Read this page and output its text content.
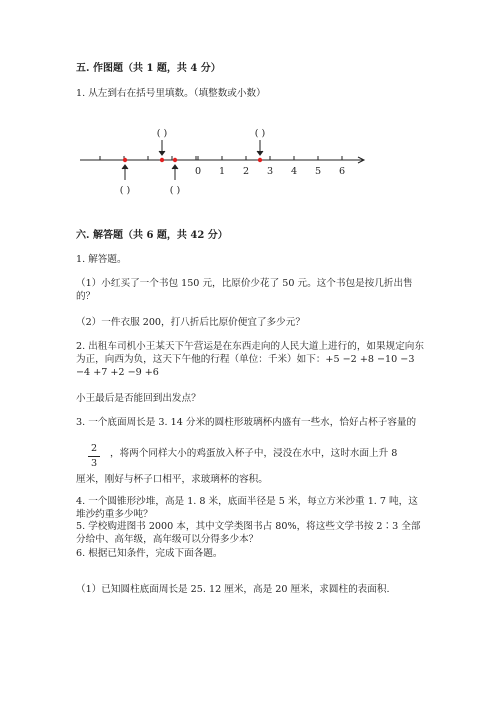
五. 作图题（共 1 题，共 4 分）
1. 从左到右在括号里填数。（填整数或小数）
0 1 2 3 4 5 6
( )	( )
( )	( )
六. 解答题（共 6 题，共 42 分）
1. 解答题。
（1）小红买了一个书包 150 元，比原价少花了 50 元。这个书包是按几折出售的？
（2）一件衣服 200，打八折后比原价便宜了多少元？
2. 出租车司机小王某天下午营运是在东西走向的人民大道上进行的，如果规定向东为正，向西为负，这天下午他的行程（单位：千米）如下：+5 −2 +8 −10 −3 −4 +7 +2 −9 +6
小王最后是否能回到出发点？
3. 一个底面周长是 3. 14 分米的圆柱形玻璃杯内盛有一些水，恰好占杯子容量的
2
3
，将两个同样大小的鸡蛋放入杯子中，浸没在水中，这时水面上升 8
厘米，刚好与杯子口相平，求玻璃杯的容积。
4. 一个圆锥形沙堆，高是 1. 8 米，底面半径是 5 米，每立方米沙重 1. 7 吨，这堆沙约重多少吨？
5. 学校购进图书 2000 本，其中文学类图书占 80%，将这些文学书按 2∶3 全部分给中、高年级，高年级可以分得多少本？
6. 根据已知条件，完成下面各题。
（1）已知圆柱底面周长是 25. 12 厘米，高是 20 厘米，求圆柱的表面积.
